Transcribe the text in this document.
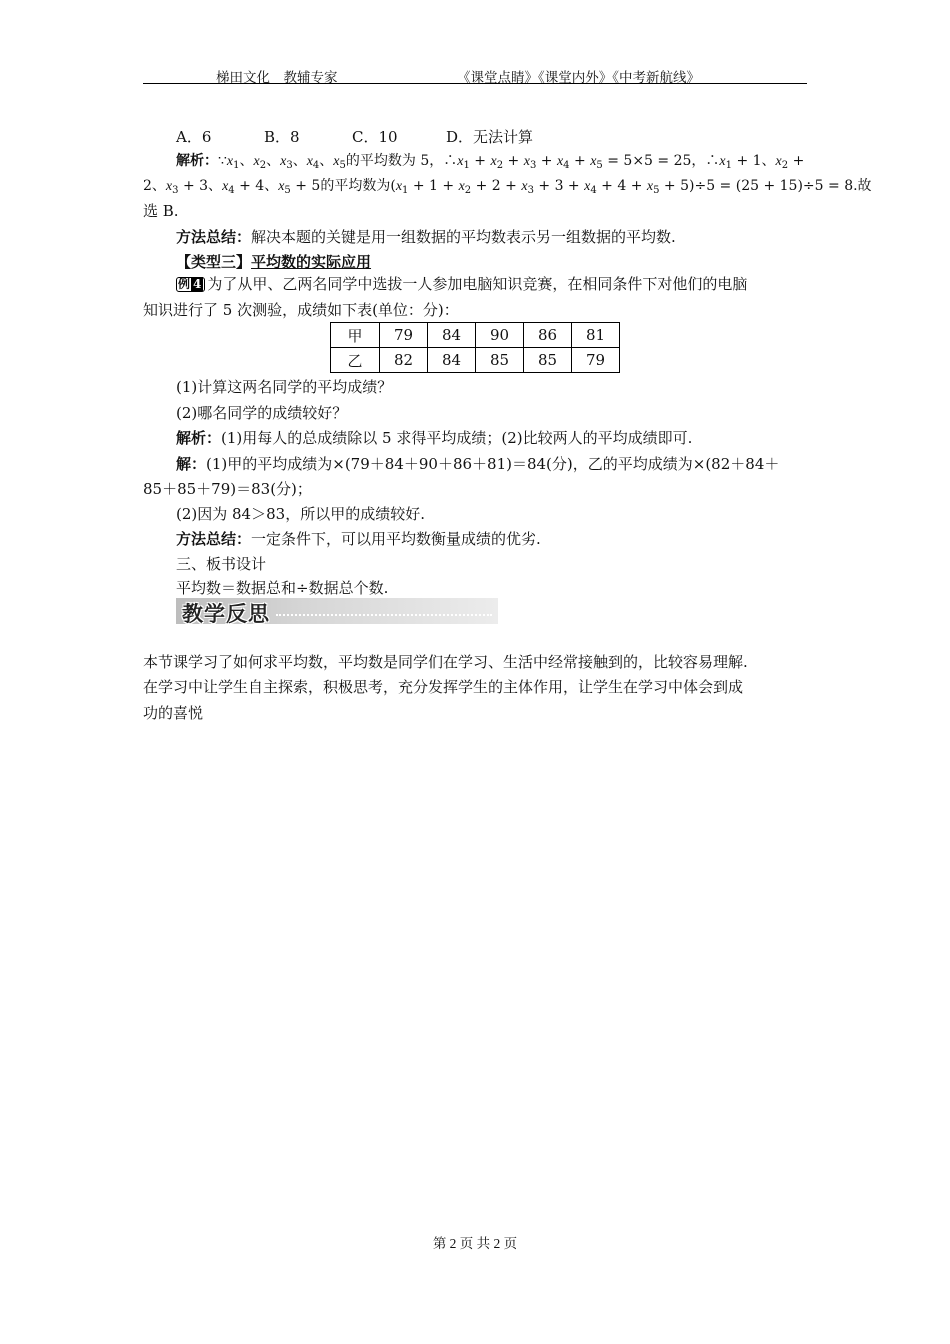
梯田文化　教辅专家	《课堂点睛》《课堂内外》《中考新航线》
A．6	B．8	C．10	D．无法计算
解析：$\because x_1$、$x_2$、$x_3$、$x_4$、$x_5$的平均数为 5，$\therefore x_1 + x_2 + x_3 + x_4 + x_5 = 5\times 5 = 25$，$\therefore x_1 + 1$、$x_2$ +
2、$x_3 + 3$、$x_4 + 4$、$x_5 + 5$的平均数为$(x_1 + 1 + x_2 + 2 + x_3 + 3 + x_4 + 4 + x_5 + 5)\div 5 = (25 + 15)\div 5 = 8$.故
选 B.
方法总结：解决本题的关键是用一组数据的平均数表示另一组数据的平均数.
【类型三】平均数的实际应用
例 4 为了从甲、乙两名同学中选拔一人参加电脑知识竞赛，在相同条件下对他们的电脑
知识进行了 5 次测验，成绩如下表(单位：分)：
甲	79	84	90	86	81
乙	82	84	85	85	79
(1)计算这两名同学的平均成绩？
(2)哪名同学的成绩较好？
解析：(1)用每人的总成绩除以 5 求得平均成绩；(2)比较两人的平均成绩即可.
解：(1)甲的平均成绩为×(79＋84＋90＋86＋81)＝84(分)，乙的平均成绩为×(82＋84＋
85＋85＋79)＝83(分)；
(2)因为 84＞83，所以甲的成绩较好.
方法总结：一定条件下，可以用平均数衡量成绩的优劣.
三、板书设计
平均数＝数据总和÷数据总个数.
教学反思
本节课学习了如何求平均数，平均数是同学们在学习、生活中经常接触到的，比较容易理解.
在学习中让学生自主探索，积极思考，充分发挥学生的主体作用，让学生在学习中体会到成
功的喜悦
第 2 页 共 2 页
